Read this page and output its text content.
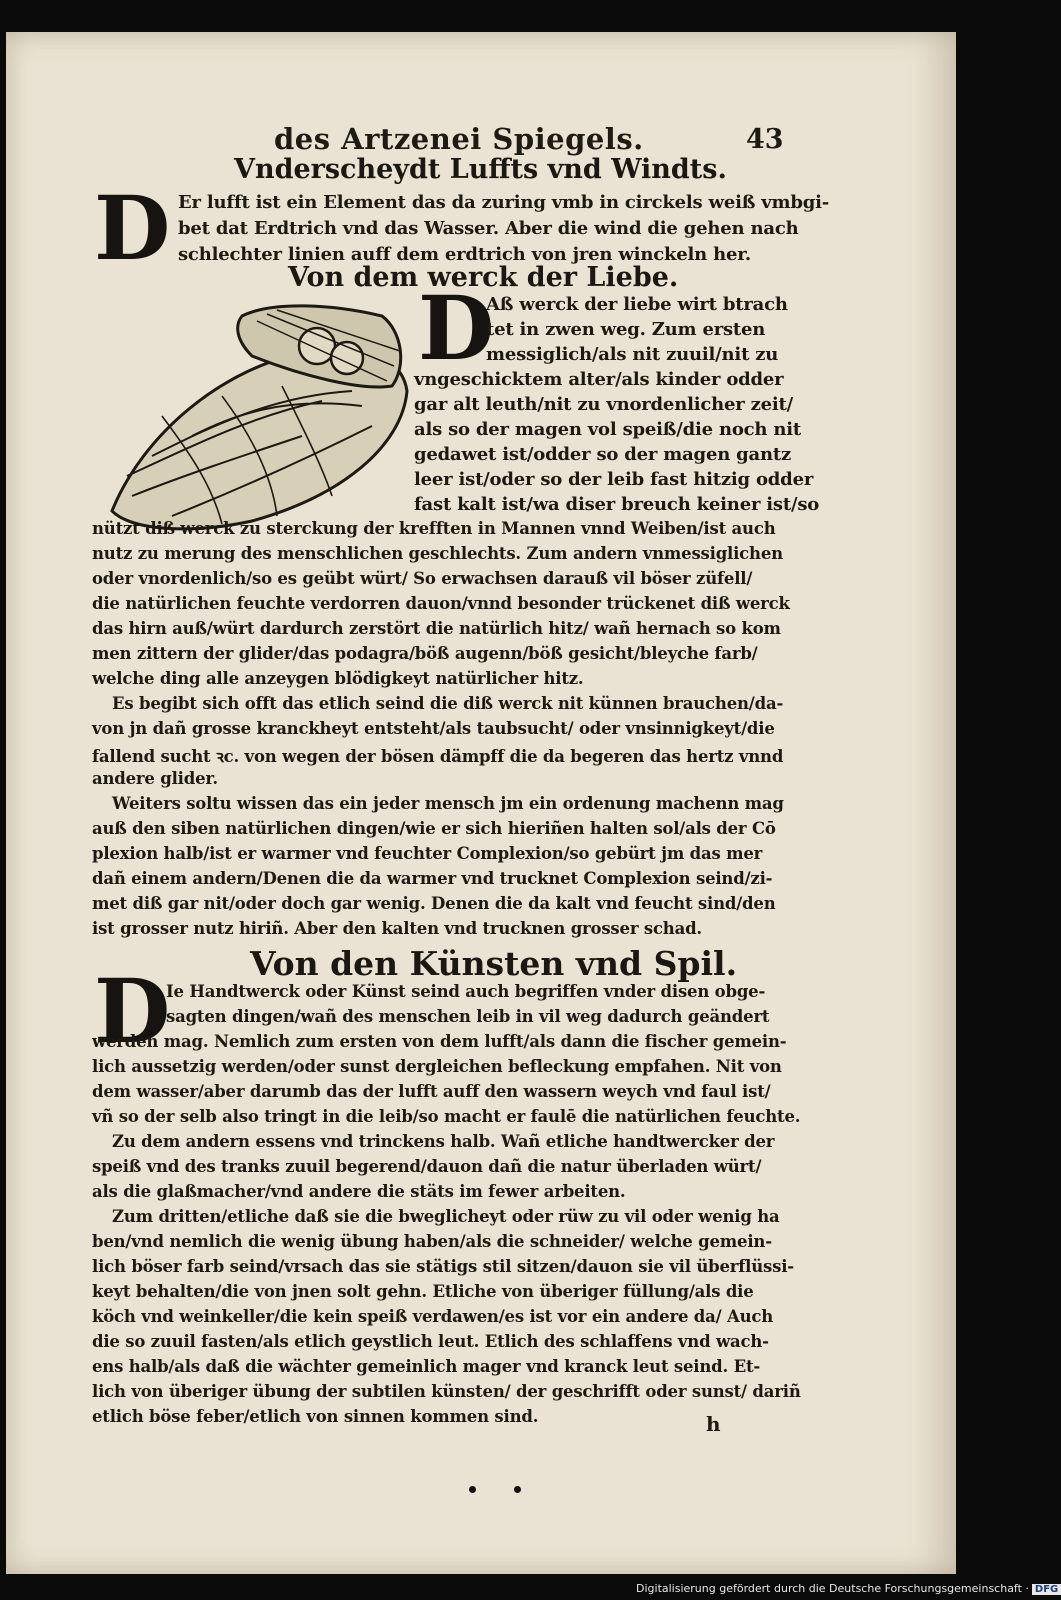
des Artzenei Spiegels.	43
Vnderscheydt Luffts vnd Windts.
D Er lufft ist ein Element das da zuring vmb in circkels weiß vmbgi-
bet dat Erdtrich vnd das Wasser. Aber die wind die gehen nach
schlechter linien auff dem erdtrich von jren winckeln her.
Von dem werck der Liebe.
D
Aß werck der liebe wirt btrach
tet in zwen weg. Zum ersten
messiglich/als nit zuuil/nit zu
vngeschicktem alter/als kinder odder
gar alt leuth/nit zu vnordenlicher zeit/
als so der magen vol speiß/die noch nit
gedawet ist/odder so der magen gantz
leer ist/oder so der leib fast hitzig odder
fast kalt ist/wa diser breuch keiner ist/so
nützt diß werck zu sterckung der krefften in Mannen vnnd Weiben/ist auch
nutz zu merung des menschlichen geschlechts. Zum andern vnmessiglichen
oder vnordenlich/so es geübt würt/ So erwachsen darauß vil böser züfell/
die natürlichen feuchte verdorren dauon/vnnd besonder trückenet diß werck
das hirn auß/würt dardurch zerstört die natürlich hitz/ wañ hernach so kom
men zittern der glider/das podagra/böß augenn/böß gesicht/bleyche farb/
welche ding alle anzeygen blödigkeyt natürlicher hitz.
Es begibt sich offt das etlich seind die diß werck nit künnen brauchen/da-
von jn dañ grosse kranckheyt entsteht/als taubsucht/ oder vnsinnigkeyt/die
fallend sucht ꝛc. von wegen der bösen dämpff die da begeren das hertz vnnd
andere glider.
Weiters soltu wissen das ein jeder mensch jm ein ordenung machenn mag
auß den siben natürlichen dingen/wie er sich hieriñen halten sol/als der Cō
plexion halb/ist er warmer vnd feuchter Complexion/so gebürt jm das mer
dañ einem andern/Denen die da warmer vnd trucknet Complexion seind/zi-
met diß gar nit/oder doch gar wenig. Denen die da kalt vnd feucht sind/den
ist grosser nutz hiriñ. Aber den kalten vnd trucknen grosser schad.
Von den Künsten vnd Spil.
D
Ie Handtwerck oder Künst seind auch begriffen vnder disen obge-
sagten dingen/wañ des menschen leib in vil weg dadurch geändert
werden mag. Nemlich zum ersten von dem lufft/als dann die fischer gemein-
lich aussetzig werden/oder sunst dergleichen befleckung empfahen. Nit von
dem wasser/aber darumb das der lufft auff den wassern weych vnd faul ist/
vñ so der selb also tringt in die leib/so macht er faulē die natürlichen feuchte.
Zu dem andern essens vnd trinckens halb. Wañ etliche handtwercker der
speiß vnd des tranks zuuil begerend/dauon dañ die natur überladen würt/
als die glaßmacher/vnd andere die stäts im fewer arbeiten.
Zum dritten/etliche daß sie die bweglicheyt oder rüw zu vil oder wenig ha
ben/vnd nemlich die wenig übung haben/als die schneider/ welche gemein-
lich böser farb seind/vrsach das sie stätigs stil sitzen/dauon sie vil überflüssi-
keyt behalten/die von jnen solt gehn. Etliche von überiger füllung/als die
köch vnd weinkeller/die kein speiß verdawen/es ist vor ein andere da/ Auch
die so zuuil fasten/als etlich geystlich leut. Etlich des schlaffens vnd wach-
ens halb/als daß die wächter gemeinlich mager vnd kranck leut seind. Et-
lich von überiger übung der subtilen künsten/ der geschrifft oder sunst/ dariñ
etlich böse feber/etlich von sinnen kommen sind.	h
Digitalisierung gefördert durch die Deutsche Forschungsgemeinschaft · DFG
